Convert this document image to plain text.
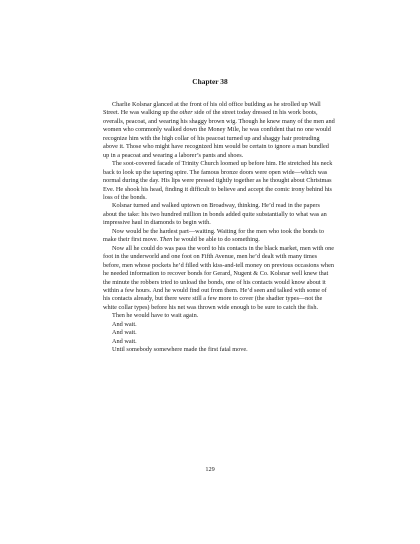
Chapter 38

Charlie Kolsnar glanced at the front of his old office building as he strolled up Wall Street. He was walking up the other side of the street today dressed in his work boots, overalls, peacoat, and wearing his shaggy brown wig. Though he knew many of the men and women who commonly walked down the Money Mile, he was confident that no one would recognize him with the high collar of his peacoat turned up and shaggy hair protruding above it. Those who might have recognized him would be certain to ignore a man bundled up in a peacoat and wearing a laborer’s pants and shoes.

The soot-covered facade of Trinity Church loomed up before him. He stretched his neck back to look up the tapering spire. The famous bronze doors were open wide—which was normal during the day. His lips were pressed tightly together as he thought about Christmas Eve. He shook his head, finding it difficult to believe and accept the comic irony behind his loss of the bonds.

Kolsnar turned and walked uptown on Broadway, thinking. He’d read in the papers about the take: his two hundred million in bonds added quite substantially to what was an impressive haul in diamonds to begin with.

Now would be the hardest part—waiting. Waiting for the men who took the bonds to make their first move. Then he would be able to do something.

Now all he could do was pass the word to his contacts in the black market, men with one foot in the underworld and one foot on Fifth Avenue, men he’d dealt with many times before, men whose pockets he’d filled with kiss-and-tell money on previous occasions when he needed information to recover bonds for Gerard, Nugent & Co. Kolsnar well knew that the minute the robbers tried to unload the bonds, one of his contacts would know about it within a few hours. And he would find out from them. He’d seen and talked with some of his contacts already, but there were still a few more to cover (the shadier types—not the white collar types) before his net was thrown wide enough to be sure to catch the fish.

Then he would have to wait again.

And wait.

And wait.

And wait.

Until somebody somewhere made the first fatal move.

129
